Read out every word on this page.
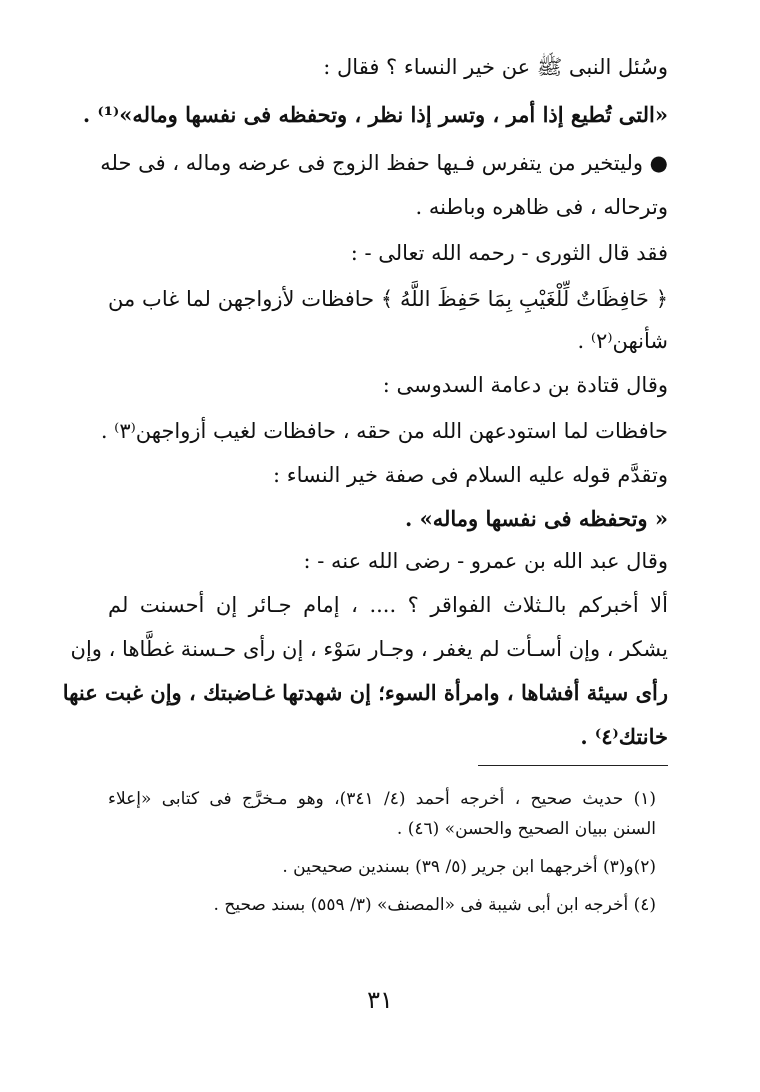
وسُئل النبى ﷺ عن خير النساء ؟ فقال :
«التى تُطيع إذا أمر ، وتسر إذا نظر ، وتحفظه فى نفسها وماله»⁽¹⁾ .
● وليتخير من يتفرس فـيها حفظ الزوج فى عرضه وماله ، فى حله
وترحاله ، فى ظاهره وباطنه .
فقد قال الثورى - رحمه الله تعالى - :
﴿ حَافِظَاتٌ لِّلْغَيْبِ بِمَا حَفِظَ اللَّهُ ﴾ حافظات لأزواجهن لما غاب من
شأنهن⁽٢⁾ .
وقال قتادة بن دعامة السدوسى :
حافظات لما استودعهن الله من حقه ، حافظات لغيب أزواجهن⁽٣⁾ .
وتقدَّم قوله عليه السلام فى صفة خير النساء :
« وتحفظه فى نفسها وماله» .
وقال عبد الله بن عمرو - رضى الله عنه - :
ألا أخبركم بالـثلاث الفواقر ؟ .... ، إمام جـائر إن أحسنت لم
يشكر ، وإن أسـأت لم يغفر ، وجـار سَوْء ، إن رأى حـسنة غطَّاها ، وإن
رأى سيئة أفشاها ، وامرأة السوء؛ إن شهدتها غـاضبتك ، وإن غبت عنها
خانتك⁽٤⁾ .
(١) حديث صحيح ، أخرجه أحمد (٤/ ٣٤١)، وهو مـخرَّج فى كتابى «إعلاء
السنن ببيان الصحيح والحسن» (٤٦) .
(٢)و(٣) أخرجهما ابن جرير (٥/ ٣٩) بسندين صحيحين .
(٤) أخرجه ابن أبى شيبة فى «المصنف» (٣/ ٥٥٩) بسند صحيح .
٣١
